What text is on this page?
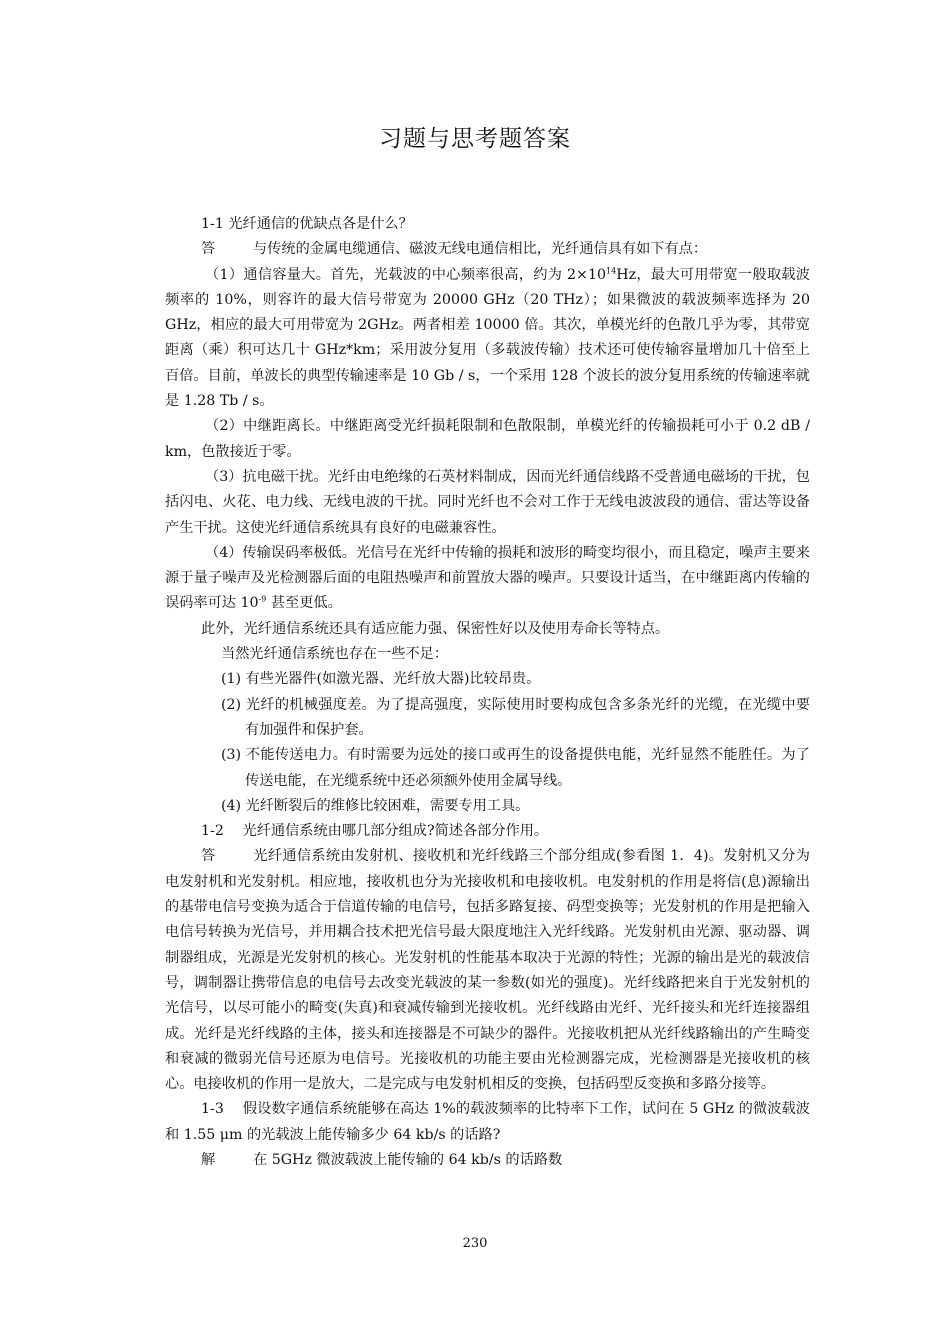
习题与思考题答案

1-1 光纤通信的优缺点各是什么？

答	与传统的金属电缆通信、磁波无线电通信相比，光纤通信具有如下有点：

（1）通信容量大。首先，光载波的中心频率很高，约为 $2\times 10^{14}Hz$，最大可用带宽一般取载波频率的 10%，则容许的最大信号带宽为 20000 GHz（20 THz）；如果微波的载波频率选择为 20 GHz，相应的最大可用带宽为 2GHz。两者相差 10000 倍。其次，单模光纤的色散几乎为零，其带宽距离（乘）积可达几十 GHz*km；采用波分复用（多载波传输）技术还可使传输容量增加几十倍至上百倍。目前，单波长的典型传输速率是 10 Gb / s，一个采用 128 个波长的波分复用系统的传输速率就是 1.28 Tb / s。

（2）中继距离长。中继距离受光纤损耗限制和色散限制，单模光纤的传输损耗可小于 0.2 dB / km，色散接近于零。

（3）抗电磁干扰。光纤由电绝缘的石英材料制成，因而光纤通信线路不受普通电磁场的干扰，包括闪电、火花、电力线、无线电波的干扰。同时光纤也不会对工作于无线电波波段的通信、雷达等设备产生干扰。这使光纤通信系统具有良好的电磁兼容性。

（4）传输误码率极低。光信号在光纤中传输的损耗和波形的畸变均很小，而且稳定，噪声主要来源于量子噪声及光检测器后面的电阻热噪声和前置放大器的噪声。只要设计适当，在中继距离内传输的误码率可达 $10^{-9}$ 甚至更低。

此外，光纤通信系统还具有适应能力强、保密性好以及使用寿命长等特点。

当然光纤通信系统也存在一些不足：

(1) 有些光器件(如激光器、光纤放大器)比较昂贵。

(2) 光纤的机械强度差。为了提高强度，实际使用时要构成包含多条光纤的光缆，在光缆中要有加强件和保护套。

(3) 不能传送电力。有时需要为远处的接口或再生的设备提供电能，光纤显然不能胜任。为了传送电能，在光缆系统中还必须额外使用金属导线。

(4) 光纤断裂后的维修比较困难，需要专用工具。

1-2　 光纤通信系统由哪几部分组成?简述各部分作用。

答	光纤通信系统由发射机、接收机和光纤线路三个部分组成(参看图 1．4)。发射机又分为电发射机和光发射机。相应地，接收机也分为光接收机和电接收机。电发射机的作用是将信(息)源输出的基带电信号变换为适合于信道传输的电信号，包括多路复接、码型变换等；光发射机的作用是把输入电信号转换为光信号，并用耦合技术把光信号最大限度地注入光纤线路。光发射机由光源、驱动器、调制器组成，光源是光发射机的核心。光发射机的性能基本取决于光源的特性；光源的输出是光的载波信号，调制器让携带信息的电信号去改变光载波的某一参数(如光的强度)。光纤线路把来自于光发射机的光信号，以尽可能小的畸变(失真)和衰减传输到光接收机。光纤线路由光纤、光纤接头和光纤连接器组成。光纤是光纤线路的主体，接头和连接器是不可缺少的器件。光接收机把从光纤线路输出的产生畸变和衰减的微弱光信号还原为电信号。光接收机的功能主要由光检测器完成，光检测器是光接收机的核心。电接收机的作用一是放大，二是完成与电发射机相反的变换，包括码型反变换和多路分接等。

1-3　 假设数字通信系统能够在高达 1%的载波频率的比特率下工作，试问在 5 GHz 的微波载波和 1.55 μm 的光载波上能传输多少 64 kb/s 的话路?

解	在 5GHz 微波载波上能传输的 64 kb/s 的话路数

230
